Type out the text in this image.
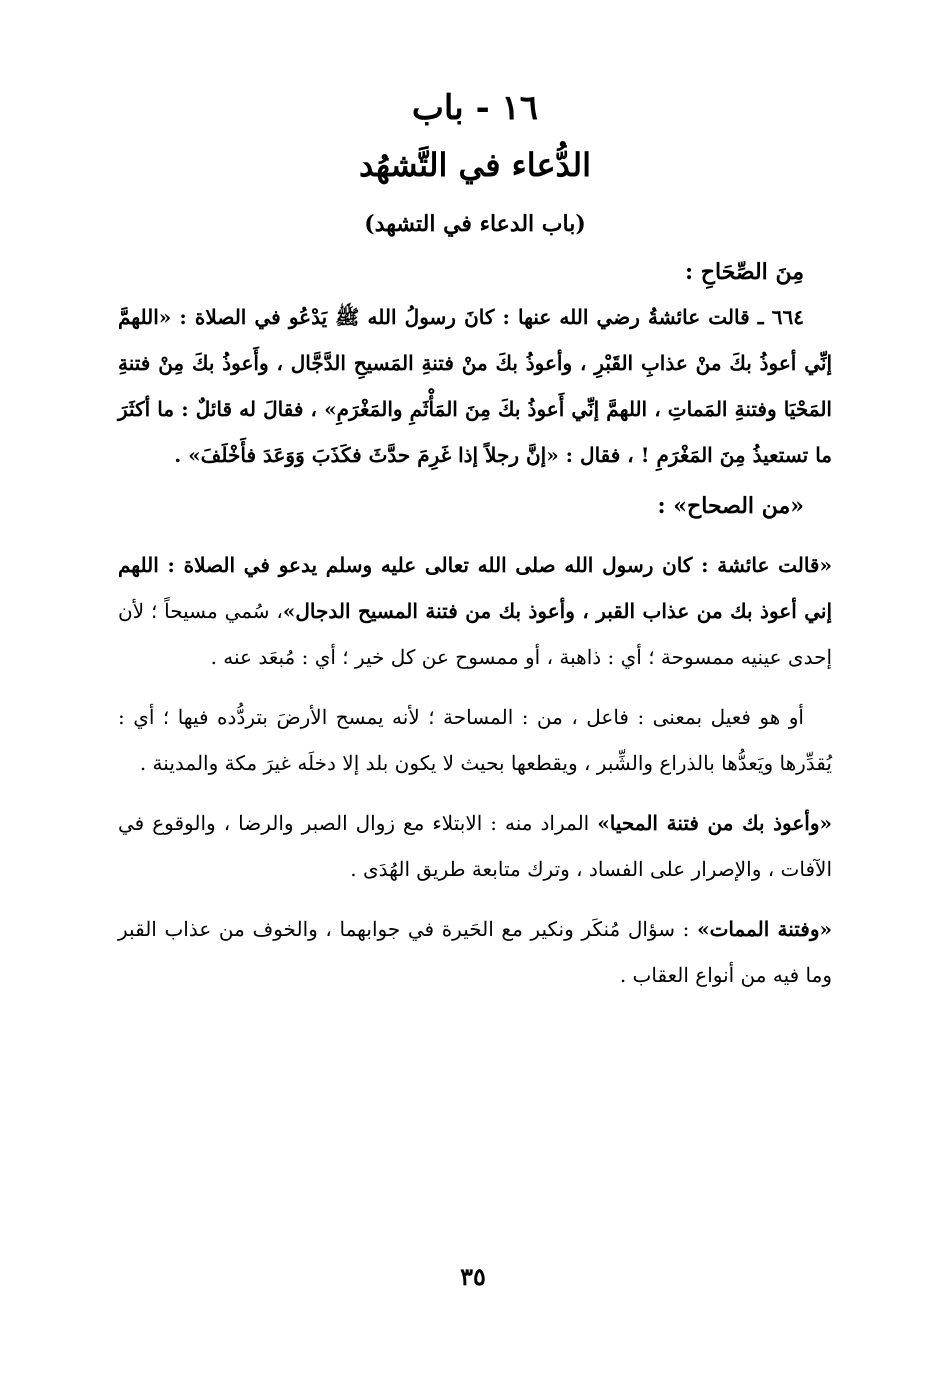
١٦ - باب
الدُّعاء في التَّشهُد
(باب الدعاء في التشهد)
مِنَ الصِّحَاحِ :

٦٦٤ ـ قالت عائشةُ رضي الله عنها : كانَ رسولُ الله ﷺ يَدْعُو في الصلاة : «اللهمَّ إنِّي أعوذُ بكَ منْ عذابِ القَبْرِ ، وأعوذُ بكَ منْ فتنةِ المَسيحِ الدَّجَّال ، وأَعوذُ بكَ مِنْ فتنةِ المَحْيَا وفتنةِ المَماتِ ، اللهمَّ إنِّي أَعوذُ بكَ مِنَ المَأْثَمِ والمَغْرَمِ» ، فقالَ له قائلٌ : ما أكثَرَ ما تستعيذُ مِنَ المَغْرَمِ ! ، فقال : «إنَّ رجلاً إذا غَرِمَ حدَّثَ فكَذَبَ وَوَعَدَ فأَخْلَفَ» .

«من الصحاح» :

«قالت عائشة : كان رسول الله صلى الله تعالى عليه وسلم يدعو في الصلاة : اللهم إني أعوذ بك من عذاب القبر ، وأعوذ بك من فتنة المسيح الدجال»، سُمي مسيحاً ؛ لأن إحدى عينيه ممسوحة ؛ أي : ذاهبة ، أو ممسوح عن كل خير ؛ أي : مُبعَد عنه .

أو هو فعيل بمعنى : فاعل ، من : المساحة ؛ لأنه يمسح الأرضَ بتردُّده فيها ؛ أي : يُقدِّرها ويَعدُّها بالذراع والشِّبر ، ويقطعها بحيث لا يكون بلد إلا دخلَه غيرَ مكة والمدينة .

«وأعوذ بك من فتنة المحيا» المراد منه : الابتلاء مع زوال الصبر والرضا ، والوقوع في الآفات ، والإصرار على الفساد ، وترك متابعة طريق الهُدَى .

«وفتنة الممات» : سؤال مُنكَر ونكير مع الحَيرة في جوابهما ، والخوف من عذاب القبر وما فيه من أنواع العقاب .

٣٥
